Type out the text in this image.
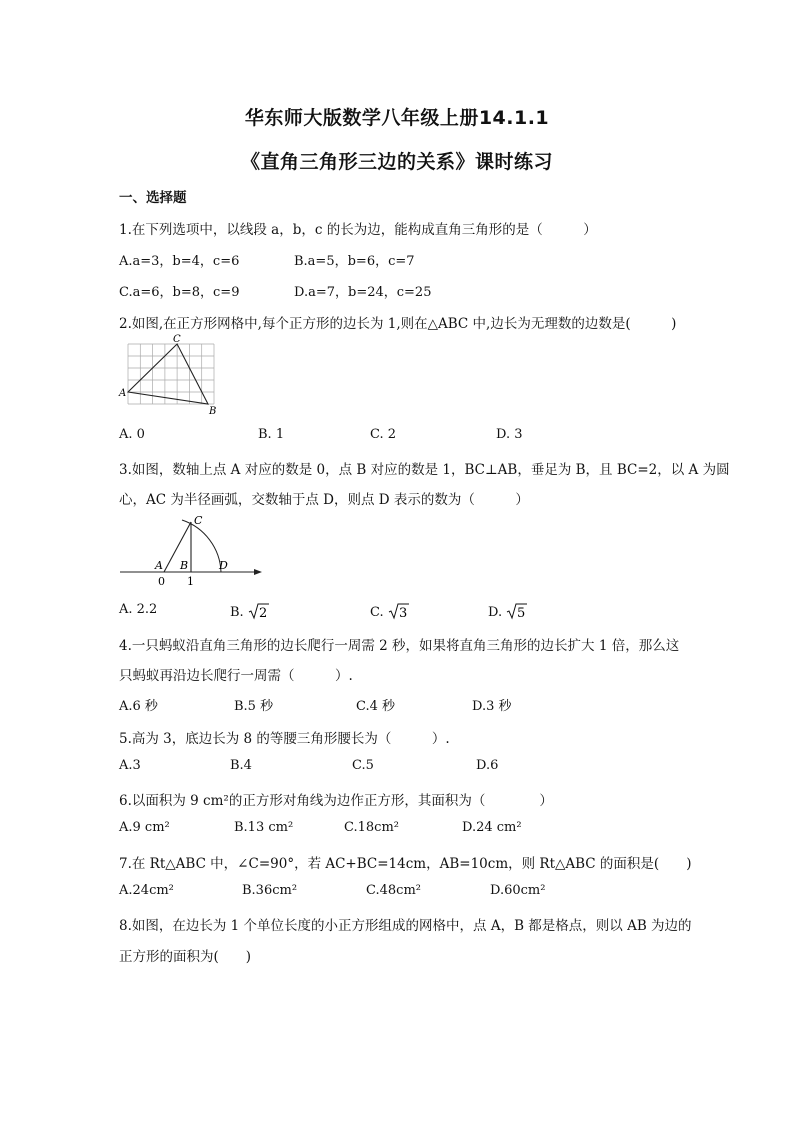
华东师大版数学八年级上册14.1.1
《直角三角形三边的关系》课时练习
一、选择题
1.在下列选项中，以线段 a，b，c 的长为边，能构成直角三角形的是（　　　）
A.a=3，b=4，c=6	B.a=5，b=6，c=7
C.a=6，b=8，c=9	D.a=7，b=24，c=25
2.如图,在正方形网格中,每个正方形的边长为 1,则在△ABC 中,边长为无理数的边数是(　　　)
A
B
C
A. 0	B. 1	C. 2	D. 3
3.如图，数轴上点 A 对应的数是 0，点 B 对应的数是 1，BC⊥AB，垂足为 B，且 BC=2，以 A 为圆
心，AC 为半径画弧，交数轴于点 D，则点 D 表示的数为（　　　）
A B
C
D
0 1
A. 2.2	B. 2	C. 3	D. 5
4.一只蚂蚁沿直角三角形的边长爬行一周需 2 秒，如果将直角三角形的边长扩大 1 倍，那么这
只蚂蚁再沿边长爬行一周需（　　　）.
A.6 秒	B.5 秒	C.4 秒	D.3 秒
5.高为 3，底边长为 8 的等腰三角形腰长为（　　　）.
A.3	B.4	C.5	D.6
6.以面积为 9 cm²的正方形对角线为边作正方形，其面积为（　　　　）
A.9 cm²	B.13 cm²	C.18cm²	D.24 cm²
7.在 Rt△ABC 中，∠C=90°，若 AC+BC=14cm，AB=10cm，则 Rt△ABC 的面积是(　　)
A.24cm²	B.36cm²	C.48cm²	D.60cm²
8.如图，在边长为 1 个单位长度的小正方形组成的网格中，点 A，B 都是格点，则以 AB 为边的
正方形的面积为(　　)
